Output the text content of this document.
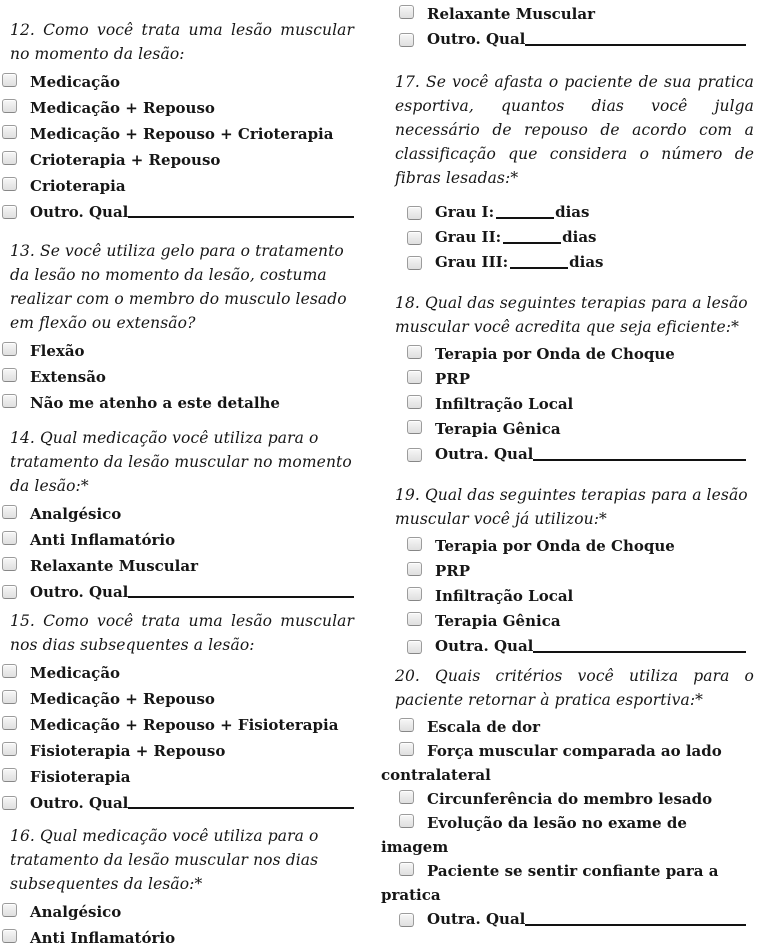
12. Como você trata uma lesão muscular no momento da lesão:

Medicação
Medicação + Repouso
Medicação + Repouso + Crioterapia
Crioterapia + Repouso
Crioterapia
Outro. Qual

13. Se você utiliza gelo para o tratamento da lesão no momento da lesão, costuma realizar com o membro do musculo lesado em flexão ou extensão?

Flexão
Extensão
Não me atenho a este detalhe

14. Qual medicação você utiliza para o tratamento da lesão muscular no momento da lesão:*

Analgésico
Anti Inflamatório
Relaxante Muscular
Outro. Qual

15. Como você trata uma lesão muscular nos dias subsequentes a lesão:

Medicação
Medicação + Repouso
Medicação + Repouso + Fisioterapia
Fisioterapia + Repouso
Fisioterapia
Outro. Qual

16. Qual medicação você utiliza para o tratamento da lesão muscular nos dias subsequentes da lesão:*

Analgésico
Anti Inflamatório
Relaxante Muscular
Outro. Qual

17. Se você afasta o paciente de sua pratica esportiva, quantos dias você julga necessário de repouso de acordo com a classificação que considera o número de fibras lesadas:*

Grau I:	dias
Grau II:	dias
Grau III:	dias

18. Qual das seguintes terapias para a lesão muscular você acredita que seja eficiente:*

Terapia por Onda de Choque
PRP
Infiltração Local
Terapia Gênica
Outra. Qual

19. Qual das seguintes terapias para a lesão muscular você já utilizou:*

Terapia por Onda de Choque
PRP
Infiltração Local
Terapia Gênica
Outra. Qual

20. Quais critérios você utiliza para o paciente retornar à pratica esportiva:*

Escala de dor
Força muscular comparada ao lado contralateral
Circunferência do membro lesado
Evolução da lesão no exame de imagem
Paciente se sentir confiante para a pratica
Outra. Qual
